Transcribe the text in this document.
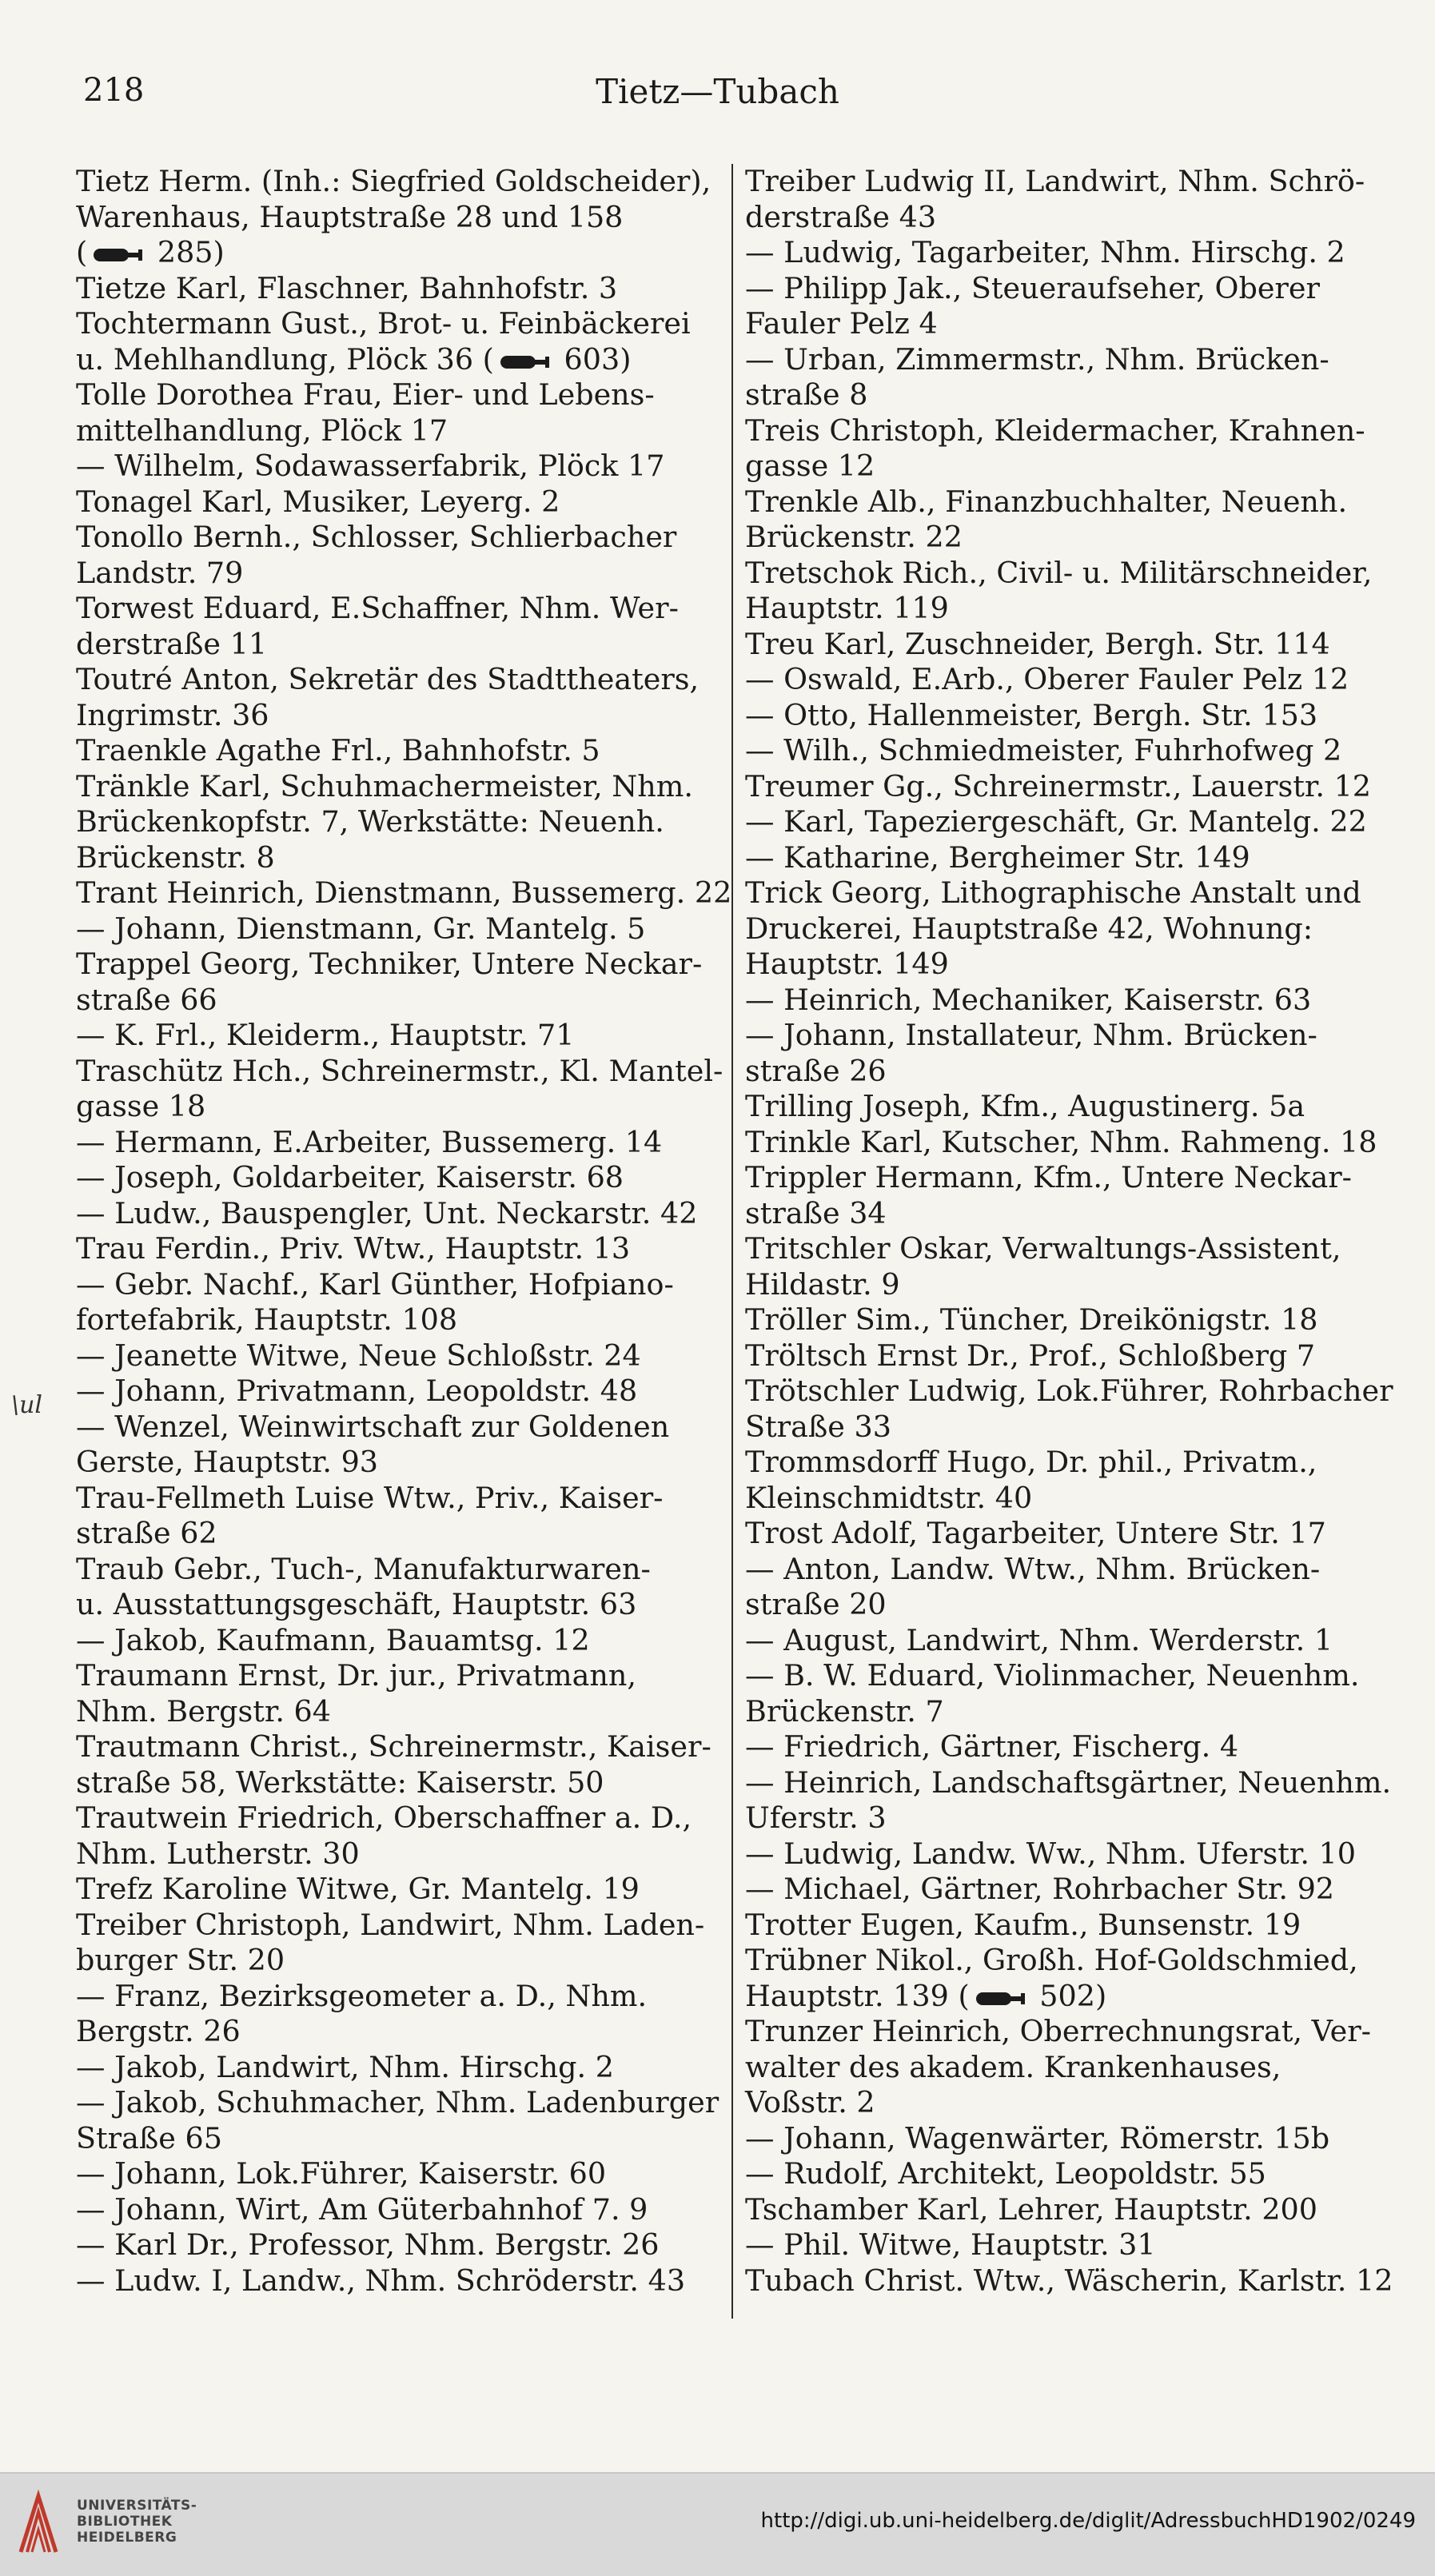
218	Tietz—Tubach
\ul
Tietz Herm. (Inh.: Siegfried Goldscheider),
Warenhaus, Hauptstraße 28 und 158
( 285)
Tietze Karl, Flaschner, Bahnhofstr. 3
Tochtermann Gust., Brot- u. Feinbäckerei
u. Mehlhandlung, Plöck 36 ( 603)
Tolle Dorothea Frau, Eier- und Lebens-
mittelhandlung, Plöck 17
— Wilhelm, Sodawasserfabrik, Plöck 17
Tonagel Karl, Musiker, Leyerg. 2
Tonollo Bernh., Schlosser, Schlierbacher
Landstr. 79
Torwest Eduard, E.Schaffner, Nhm. Wer-
derstraße 11
Toutré Anton, Sekretär des Stadttheaters,
Ingrimstr. 36
Traenkle Agathe Frl., Bahnhofstr. 5
Tränkle Karl, Schuhmachermeister, Nhm.
Brückenkopfstr. 7, Werkstätte: Neuenh.
Brückenstr. 8
Trant Heinrich, Dienstmann, Bussemerg. 22
— Johann, Dienstmann, Gr. Mantelg. 5
Trappel Georg, Techniker, Untere Neckar-
straße 66
— K. Frl., Kleiderm., Hauptstr. 71
Traschütz Hch., Schreinermstr., Kl. Mantel-
gasse 18
— Hermann, E.Arbeiter, Bussemerg. 14
— Joseph, Goldarbeiter, Kaiserstr. 68
— Ludw., Bauspengler, Unt. Neckarstr. 42
Trau Ferdin., Priv. Wtw., Hauptstr. 13
— Gebr. Nachf., Karl Günther, Hofpiano-
fortefabrik, Hauptstr. 108
— Jeanette Witwe, Neue Schloßstr. 24
— Johann, Privatmann, Leopoldstr. 48
— Wenzel, Weinwirtschaft zur Goldenen
Gerste, Hauptstr. 93
Trau-Fellmeth Luise Wtw., Priv., Kaiser-
straße 62
Traub Gebr., Tuch-, Manufakturwaren-
u. Ausstattungsgeschäft, Hauptstr. 63
— Jakob, Kaufmann, Bauamtsg. 12
Traumann Ernst, Dr. jur., Privatmann,
Nhm. Bergstr. 64
Trautmann Christ., Schreinermstr., Kaiser-
straße 58, Werkstätte: Kaiserstr. 50
Trautwein Friedrich, Oberschaffner a. D.,
Nhm. Lutherstr. 30
Trefz Karoline Witwe, Gr. Mantelg. 19
Treiber Christoph, Landwirt, Nhm. Laden-
burger Str. 20
— Franz, Bezirksgeometer a. D., Nhm.
Bergstr. 26
— Jakob, Landwirt, Nhm. Hirschg. 2
— Jakob, Schuhmacher, Nhm. Ladenburger
Straße 65
— Johann, Lok.Führer, Kaiserstr. 60
— Johann, Wirt, Am Güterbahnhof 7. 9
— Karl Dr., Professor, Nhm. Bergstr. 26
— Ludw. I, Landw., Nhm. Schröderstr. 43
Treiber Ludwig II, Landwirt, Nhm. Schrö-
derstraße 43
— Ludwig, Tagarbeiter, Nhm. Hirschg. 2
— Philipp Jak., Steueraufseher, Oberer
Fauler Pelz 4
— Urban, Zimmermstr., Nhm. Brücken-
straße 8
Treis Christoph, Kleidermacher, Krahnen-
gasse 12
Trenkle Alb., Finanzbuchhalter, Neuenh.
Brückenstr. 22
Tretschok Rich., Civil- u. Militärschneider,
Hauptstr. 119
Treu Karl, Zuschneider, Bergh. Str. 114
— Oswald, E.Arb., Oberer Fauler Pelz 12
— Otto, Hallenmeister, Bergh. Str. 153
— Wilh., Schmiedmeister, Fuhrhofweg 2
Treumer Gg., Schreinermstr., Lauerstr. 12
— Karl, Tapeziergeschäft, Gr. Mantelg. 22
— Katharine, Bergheimer Str. 149
Trick Georg, Lithographische Anstalt und
Druckerei, Hauptstraße 42, Wohnung:
Hauptstr. 149
— Heinrich, Mechaniker, Kaiserstr. 63
— Johann, Installateur, Nhm. Brücken-
straße 26
Trilling Joseph, Kfm., Augustinerg. 5a
Trinkle Karl, Kutscher, Nhm. Rahmeng. 18
Trippler Hermann, Kfm., Untere Neckar-
straße 34
Tritschler Oskar, Verwaltungs-Assistent,
Hildastr. 9
Tröller Sim., Tüncher, Dreikönigstr. 18
Tröltsch Ernst Dr., Prof., Schloßberg 7
Trötschler Ludwig, Lok.Führer, Rohrbacher
Straße 33
Trommsdorff Hugo, Dr. phil., Privatm.,
Kleinschmidtstr. 40
Trost Adolf, Tagarbeiter, Untere Str. 17
— Anton, Landw. Wtw., Nhm. Brücken-
straße 20
— August, Landwirt, Nhm. Werderstr. 1
— B. W. Eduard, Violinmacher, Neuenhm.
Brückenstr. 7
— Friedrich, Gärtner, Fischerg. 4
— Heinrich, Landschaftsgärtner, Neuenhm.
Uferstr. 3
— Ludwig, Landw. Ww., Nhm. Uferstr. 10
— Michael, Gärtner, Rohrbacher Str. 92
Trotter Eugen, Kaufm., Bunsenstr. 19
Trübner Nikol., Großh. Hof-Goldschmied,
Hauptstr. 139 ( 502)
Trunzer Heinrich, Oberrechnungsrat, Ver-
walter des akadem. Krankenhauses,
Voßstr. 2
— Johann, Wagenwärter, Römerstr. 15b
— Rudolf, Architekt, Leopoldstr. 55
Tschamber Karl, Lehrer, Hauptstr. 200
— Phil. Witwe, Hauptstr. 31
Tubach Christ. Wtw., Wäscherin, Karlstr. 12
UNIVERSITÄTS-
BIBLIOTHEK
HEIDELBERG
http://digi.ub.uni-heidelberg.de/diglit/AdressbuchHD1902/0249
